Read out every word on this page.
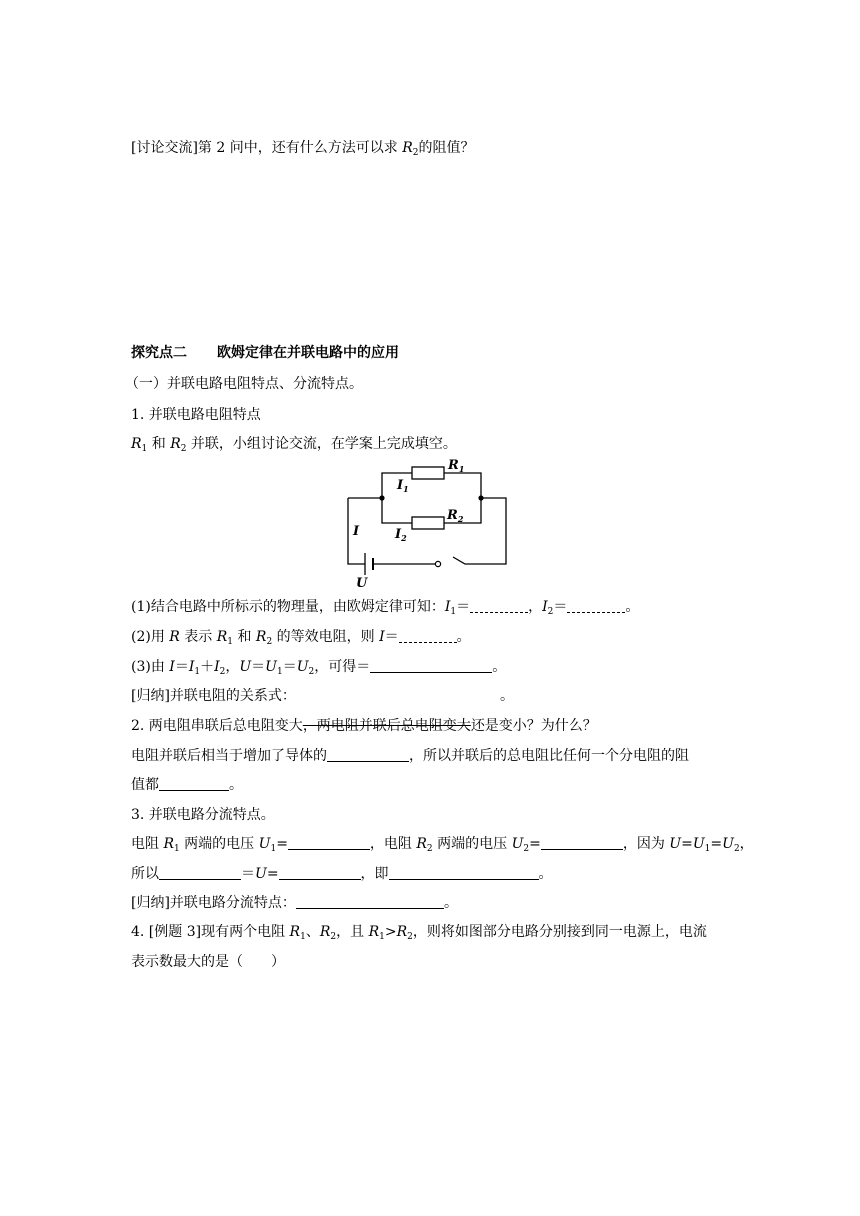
[讨论交流]第 2 问中，还有什么方法可以求 $R_2$的阻值？
探究点二 欧姆定律在并联电路中的应用
（一）并联电路电阻特点、分流特点。
1. 并联电路电阻特点
$R_1$ 和 $R_2$ 并联，小组讨论交流，在学案上完成填空。
$R_1$
$R_2$
$I_1$
$I_2$
I
U
(1)结合电路中所标示的物理量，由欧姆定律可知：$I_1=$	，$I_2=$	。
(2)用 R 表示 $R_1$ 和 $R_2$ 的等效电阻，则 I＝	。
(3)由 $I=I_1+I_2$，$U=U_1=U_2$，可得＝	。
[归纳]并联电阻的关系式：	。
2. 两电阻串联后总电阻变大，两电阻并联后总电阻变大还是变小？为什么？
电阻并联后相当于增加了导体的	，所以并联后的总电阻比任何一个分电阻的阻
值都	。
3. 并联电路分流特点。
电阻 $R_1$ 两端的电压 $U_1=$	，电阻 $R_2$ 两端的电压 $U_2=$	，因为 $U=U_1=U_2$，
所以	＝U=	，即	。
[归纳]并联电路分流特点：	。
4. [例题 3]现有两个电阻 $R_1$、$R_2$，且 $R_1>R_2$，则将如图部分电路分别接到同一电源上，电流
表示数最大的是（　　）
